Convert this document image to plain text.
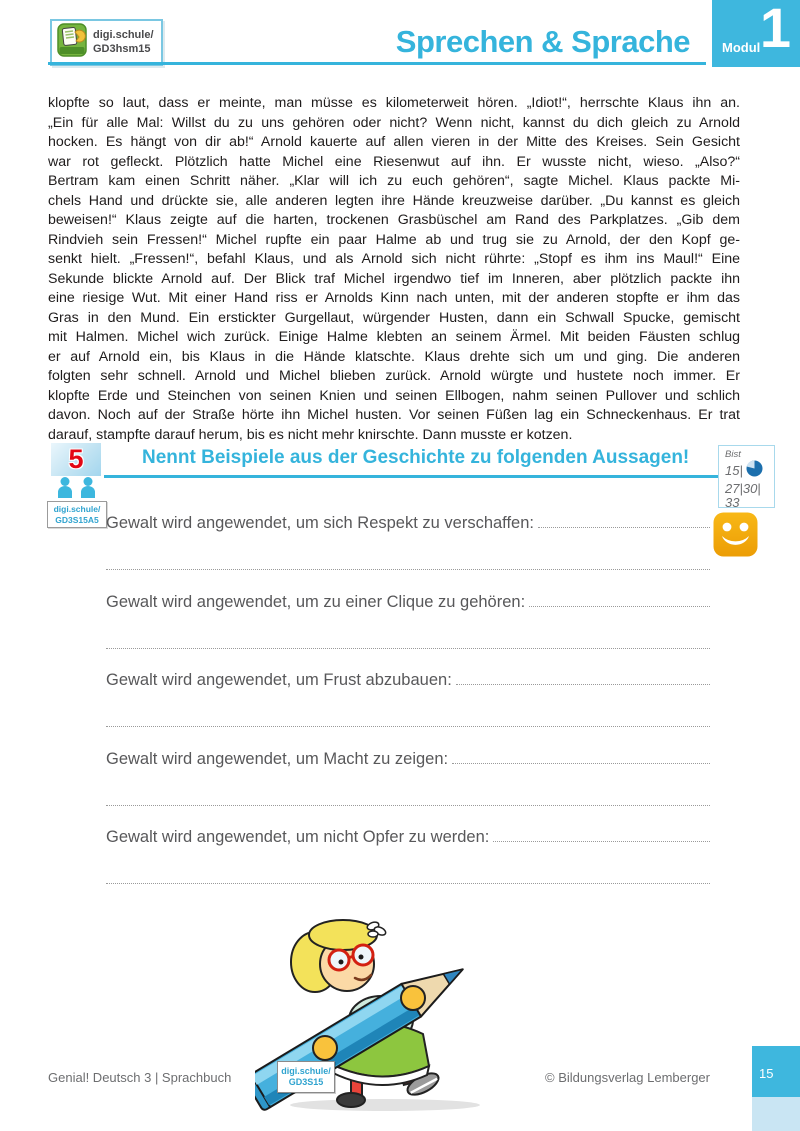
digi.schule/
GD3hsm15	Sprechen & Sprache Modul 1
klopfte so laut, dass er meinte, man müsse es kilometerweit hören. „Idiot!“, herrschte Klaus ihn an.
„Ein für alle Mal: Willst du zu uns gehören oder nicht? Wenn nicht, kannst du dich gleich zu Arnold
hocken. Es hängt von dir ab!“ Arnold kauerte auf allen vieren in der Mitte des Kreises. Sein Gesicht
war rot gefleckt. Plötzlich hatte Michel eine Riesenwut auf ihn. Er wusste nicht, wieso. „Also?“
Bertram kam einen Schritt näher. „Klar will ich zu euch gehören“, sagte Michel. Klaus packte Mi-
chels Hand und drückte sie, alle anderen legten ihre Hände kreuzweise darüber. „Du kannst es gleich
beweisen!“ Klaus zeigte auf die harten, trockenen Grasbüschel am Rand des Parkplatzes. „Gib dem
Rindvieh sein Fressen!“ Michel rupfte ein paar Halme ab und trug sie zu Arnold, der den Kopf ge-
senkt hielt. „Fressen!“, befahl Klaus, und als Arnold sich nicht rührte: „Stopf es ihm ins Maul!“ Eine
Sekunde blickte Arnold auf. Der Blick traf Michel irgendwo tief im Inneren, aber plötzlich packte ihn
eine riesige Wut. Mit einer Hand riss er Arnolds Kinn nach unten, mit der anderen stopfte er ihm das
Gras in den Mund. Ein erstickter Gurgellaut, würgender Husten, dann ein Schwall Spucke, gemischt
mit Halmen. Michel wich zurück. Einige Halme klebten an seinem Ärmel. Mit beiden Fäusten schlug
er auf Arnold ein, bis Klaus in die Hände klatschte. Klaus drehte sich um und ging. Die anderen
folgten sehr schnell. Arnold und Michel blieben zurück. Arnold würgte und hustete noch immer. Er
klopfte Erde und Steinchen von seinen Knien und seinen Ellbogen, nahm seinen Pullover und schlich
davon. Noch auf der Straße hörte ihn Michel husten. Vor seinen Füßen lag ein Schneckenhaus. Er trat
darauf, stampfte darauf herum, bis es nicht mehr knirschte. Dann musste er kotzen.
5
digi.schule/
GD3S15A5
Nennt Beispiele aus der Geschichte zu folgenden Aussagen!	Bist
15|
27|30|
33
Gewalt wird angewendet, um sich Respekt zu verschaffen:
Gewalt wird angewendet, um zu einer Clique zu gehören:
Gewalt wird angewendet, um Frust abzubauen:
Gewalt wird angewendet, um Macht zu zeigen:
Gewalt wird angewendet, um nicht Opfer zu werden:
digi.schule/
GD3S15
Genial! Deutsch 3 | Sprachbuch	© Bildungsverlag Lemberger	15
